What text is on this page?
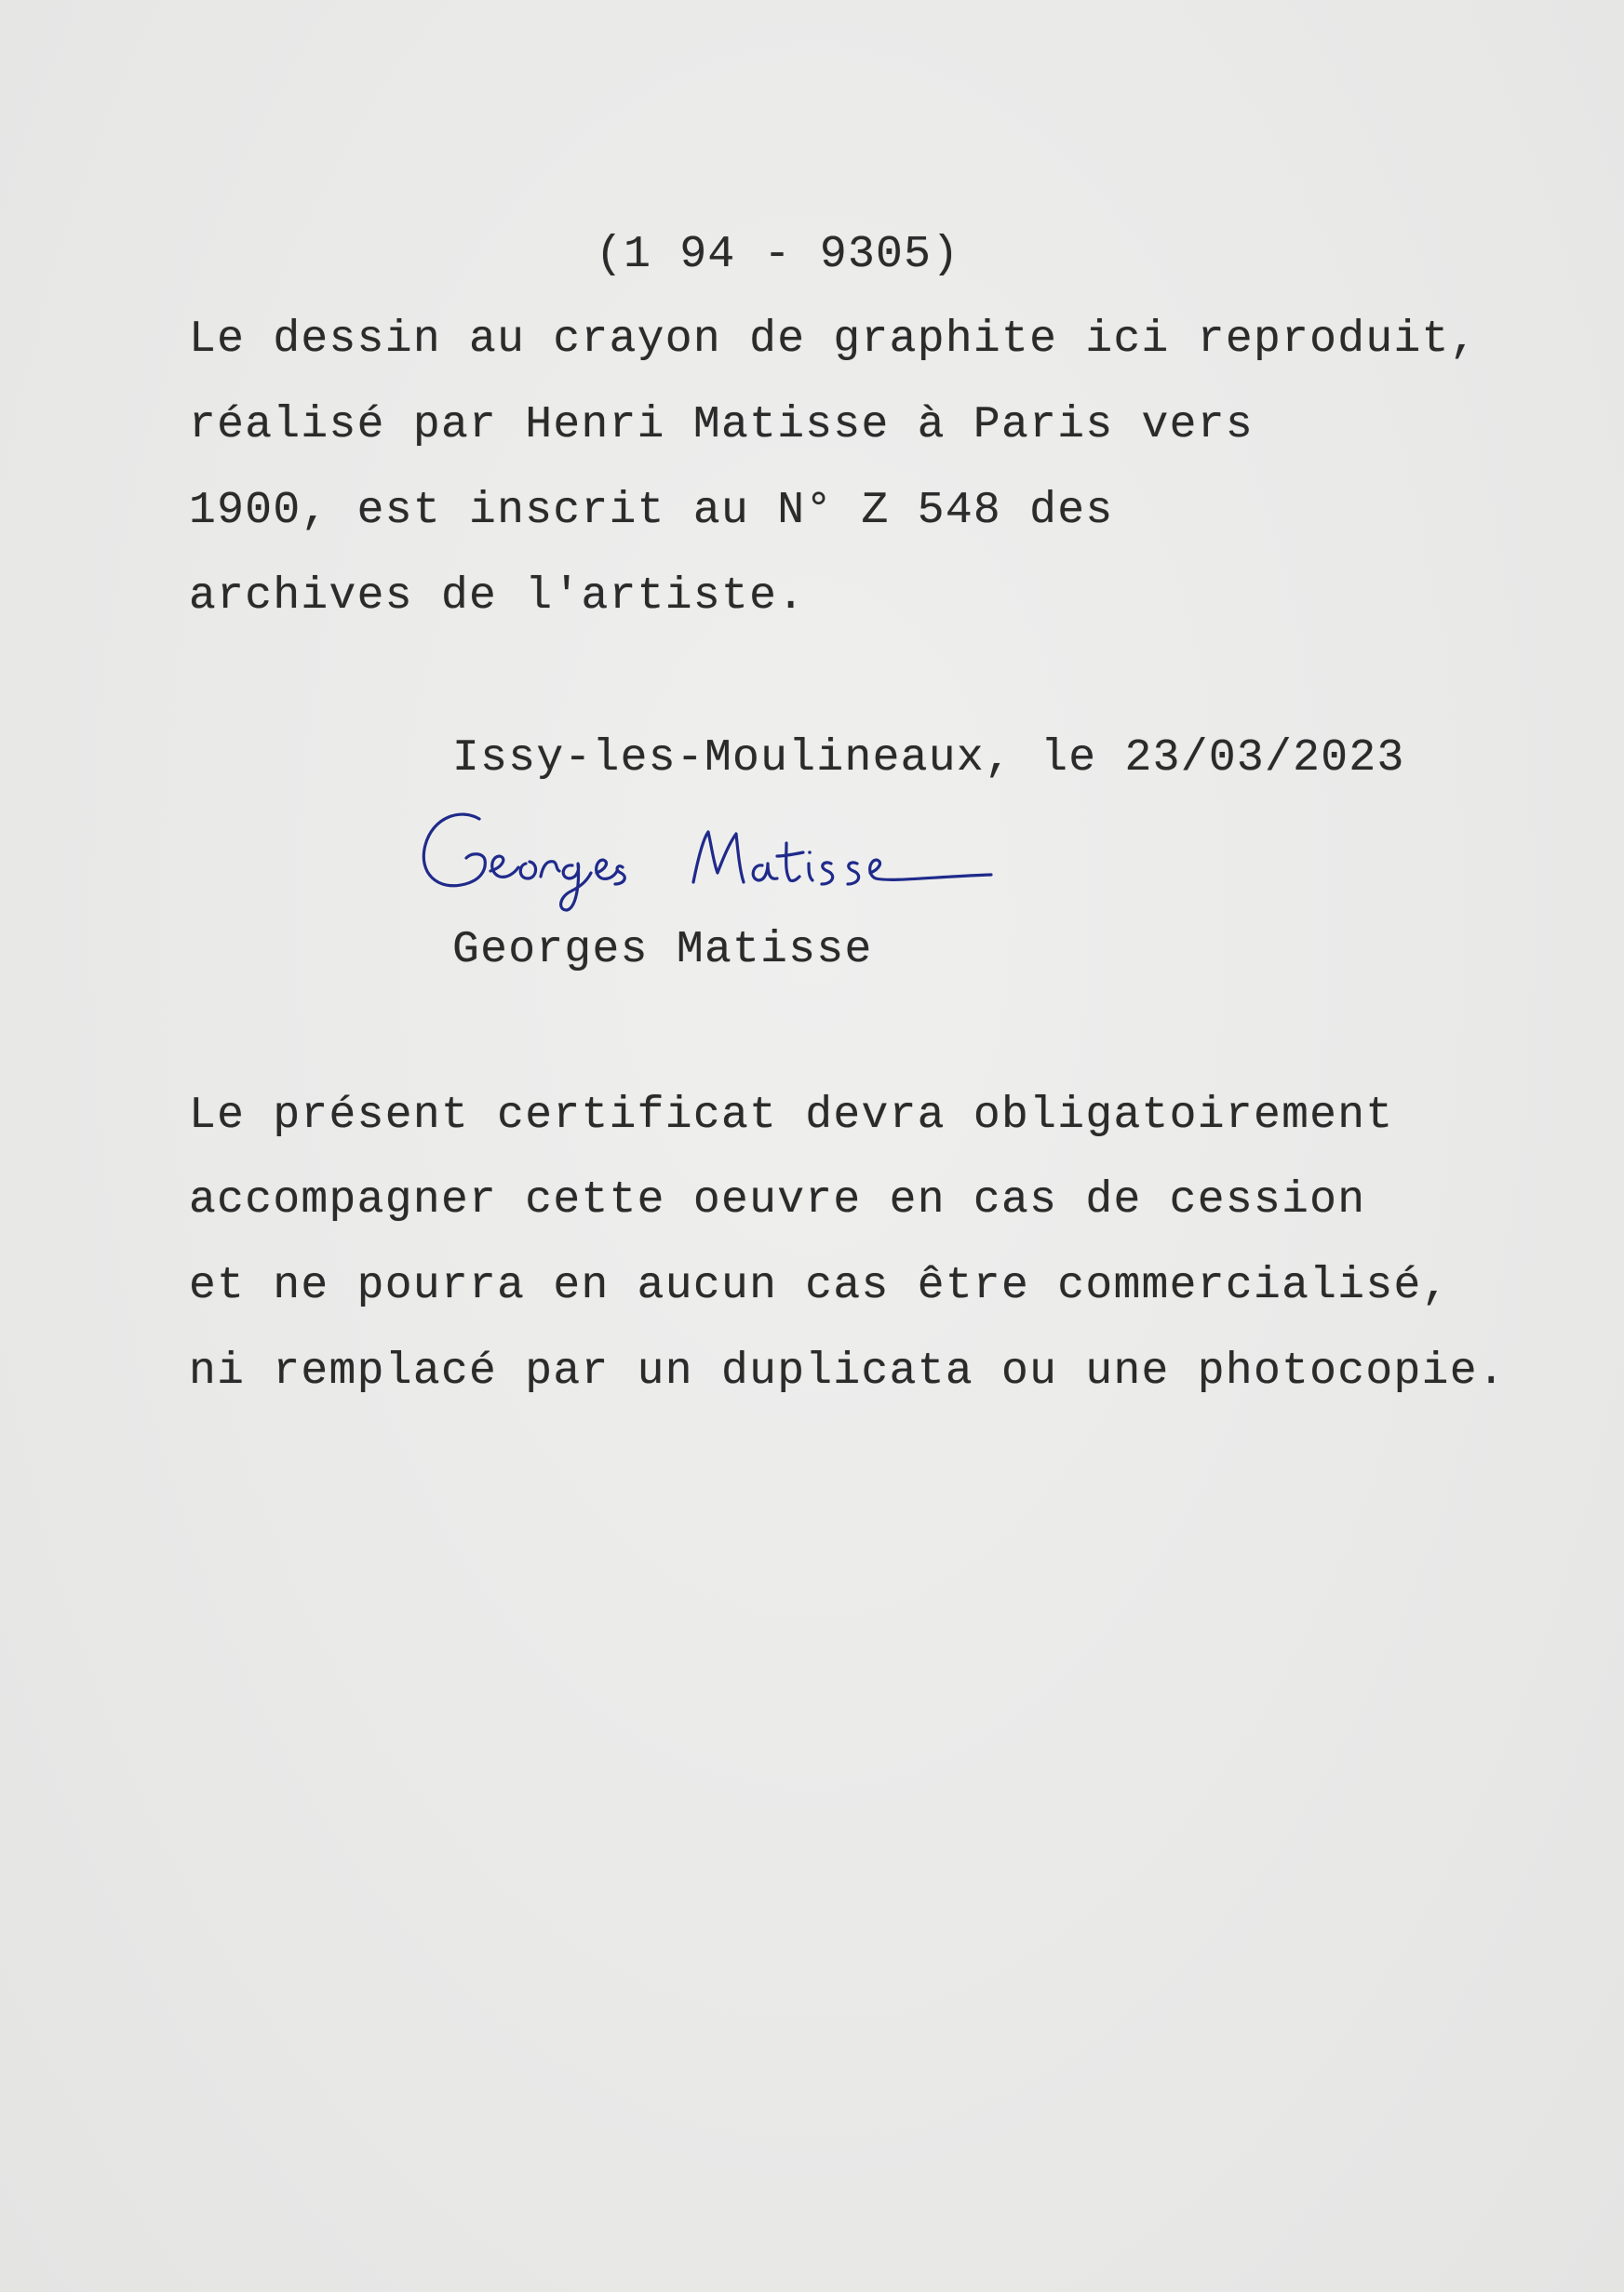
(1 94 - 9305)
Le dessin au crayon de graphite ici reproduit,
réalisé par Henri Matisse à Paris vers
1900, est inscrit au N° Z 548 des
archives de l'artiste.
Issy-les-Moulineaux, le 23/03/2023
Georges Matisse
Le présent certificat devra obligatoirement
accompagner cette oeuvre en cas de cession
et ne pourra en aucun cas être commercialisé,
ni remplacé par un duplicata ou une photocopie.
